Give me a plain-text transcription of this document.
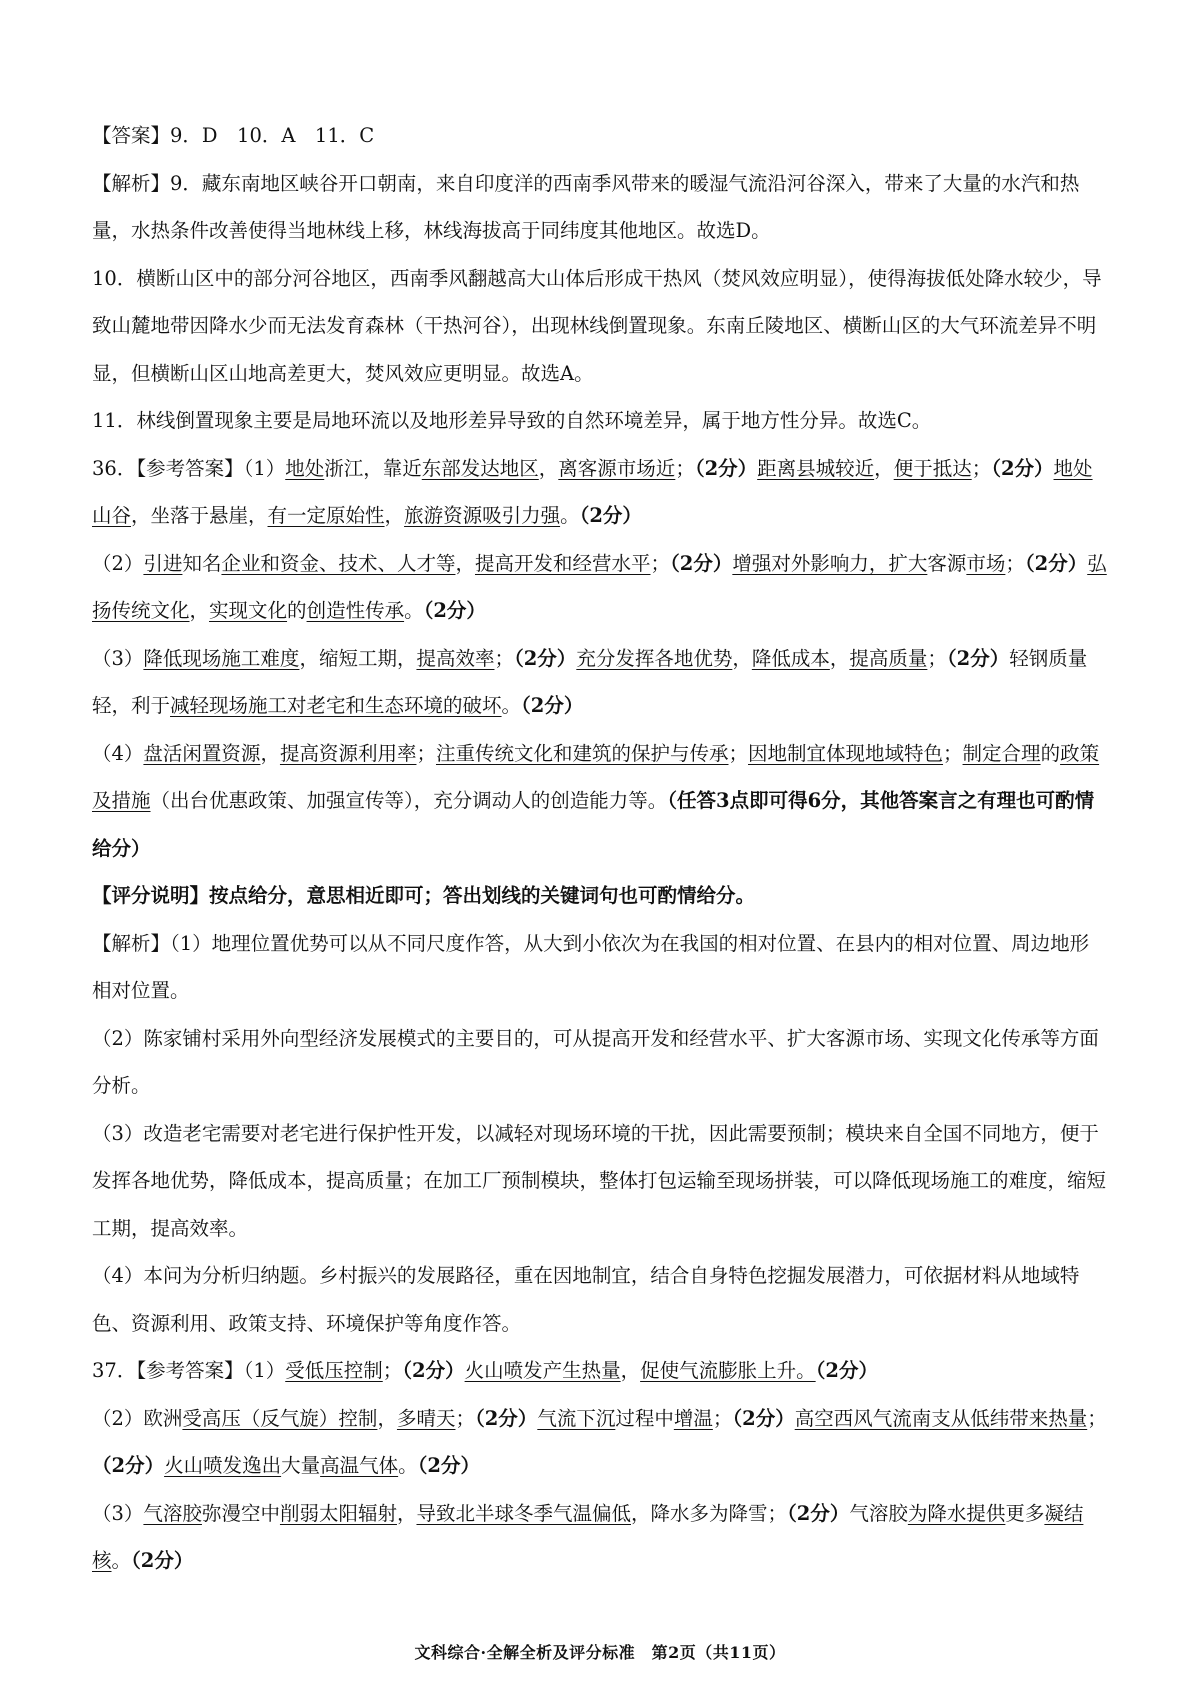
【答案】9．D　10．A　11．C

【解析】9．藏东南地区峡谷开口朝南，来自印度洋的西南季风带来的暖湿气流沿河谷深入，带来了大量的水汽和热量，水热条件改善使得当地林线上移，林线海拔高于同纬度其他地区。故选D。

10．横断山区中的部分河谷地区，西南季风翻越高大山体后形成干热风（焚风效应明显），使得海拔低处降水较少，导致山麓地带因降水少而无法发育森林（干热河谷），出现林线倒置现象。东南丘陵地区、横断山区的大气环流差异不明显，但横断山区山地高差更大，焚风效应更明显。故选A。

11．林线倒置现象主要是局地环流以及地形差异导致的自然环境差异，属于地方性分异。故选C。

36．【参考答案】（1）地处浙江，靠近东部发达地区，离客源市场近；（2分）距离县城较近，便于抵达；（2分）地处山谷，坐落于悬崖，有一定原始性，旅游资源吸引力强。（2分）

（2）引进知名企业和资金、技术、人才等，提高开发和经营水平；（2分）增强对外影响力，扩大客源市场；（2分）弘扬传统文化，实现文化的创造性传承。（2分）

（3）降低现场施工难度，缩短工期，提高效率；（2分）充分发挥各地优势，降低成本，提高质量；（2分）轻钢质量轻，利于减轻现场施工对老宅和生态环境的破坏。（2分）

（4）盘活闲置资源，提高资源利用率；注重传统文化和建筑的保护与传承；因地制宜体现地域特色；制定合理的政策及措施（出台优惠政策、加强宣传等），充分调动人的创造能力等。（任答3点即可得6分，其他答案言之有理也可酌情给分）

【评分说明】按点给分，意思相近即可；答出划线的关键词句也可酌情给分。

【解析】（1）地理位置优势可以从不同尺度作答，从大到小依次为在我国的相对位置、在县内的相对位置、周边地形相对位置。

（2）陈家铺村采用外向型经济发展模式的主要目的，可从提高开发和经营水平、扩大客源市场、实现文化传承等方面分析。

（3）改造老宅需要对老宅进行保护性开发，以减轻对现场环境的干扰，因此需要预制；模块来自全国不同地方，便于发挥各地优势，降低成本，提高质量；在加工厂预制模块，整体打包运输至现场拼装，可以降低现场施工的难度，缩短工期，提高效率。

（4）本问为分析归纳题。乡村振兴的发展路径，重在因地制宜，结合自身特色挖掘发展潜力，可依据材料从地域特色、资源利用、政策支持、环境保护等角度作答。

37．【参考答案】（1）受低压控制；（2分）火山喷发产生热量，促使气流膨胀上升。（2分）

（2）欧洲受高压（反气旋）控制，多晴天；（2分）气流下沉过程中增温；（2分）高空西风气流南支从低纬带来热量；（2分）火山喷发逸出大量高温气体。（2分）

（3）气溶胶弥漫空中削弱太阳辐射，导致北半球冬季气温偏低，降水多为降雪；（2分）气溶胶为降水提供更多凝结核。（2分）

文科综合·全解全析及评分标准　第2页（共11页）
